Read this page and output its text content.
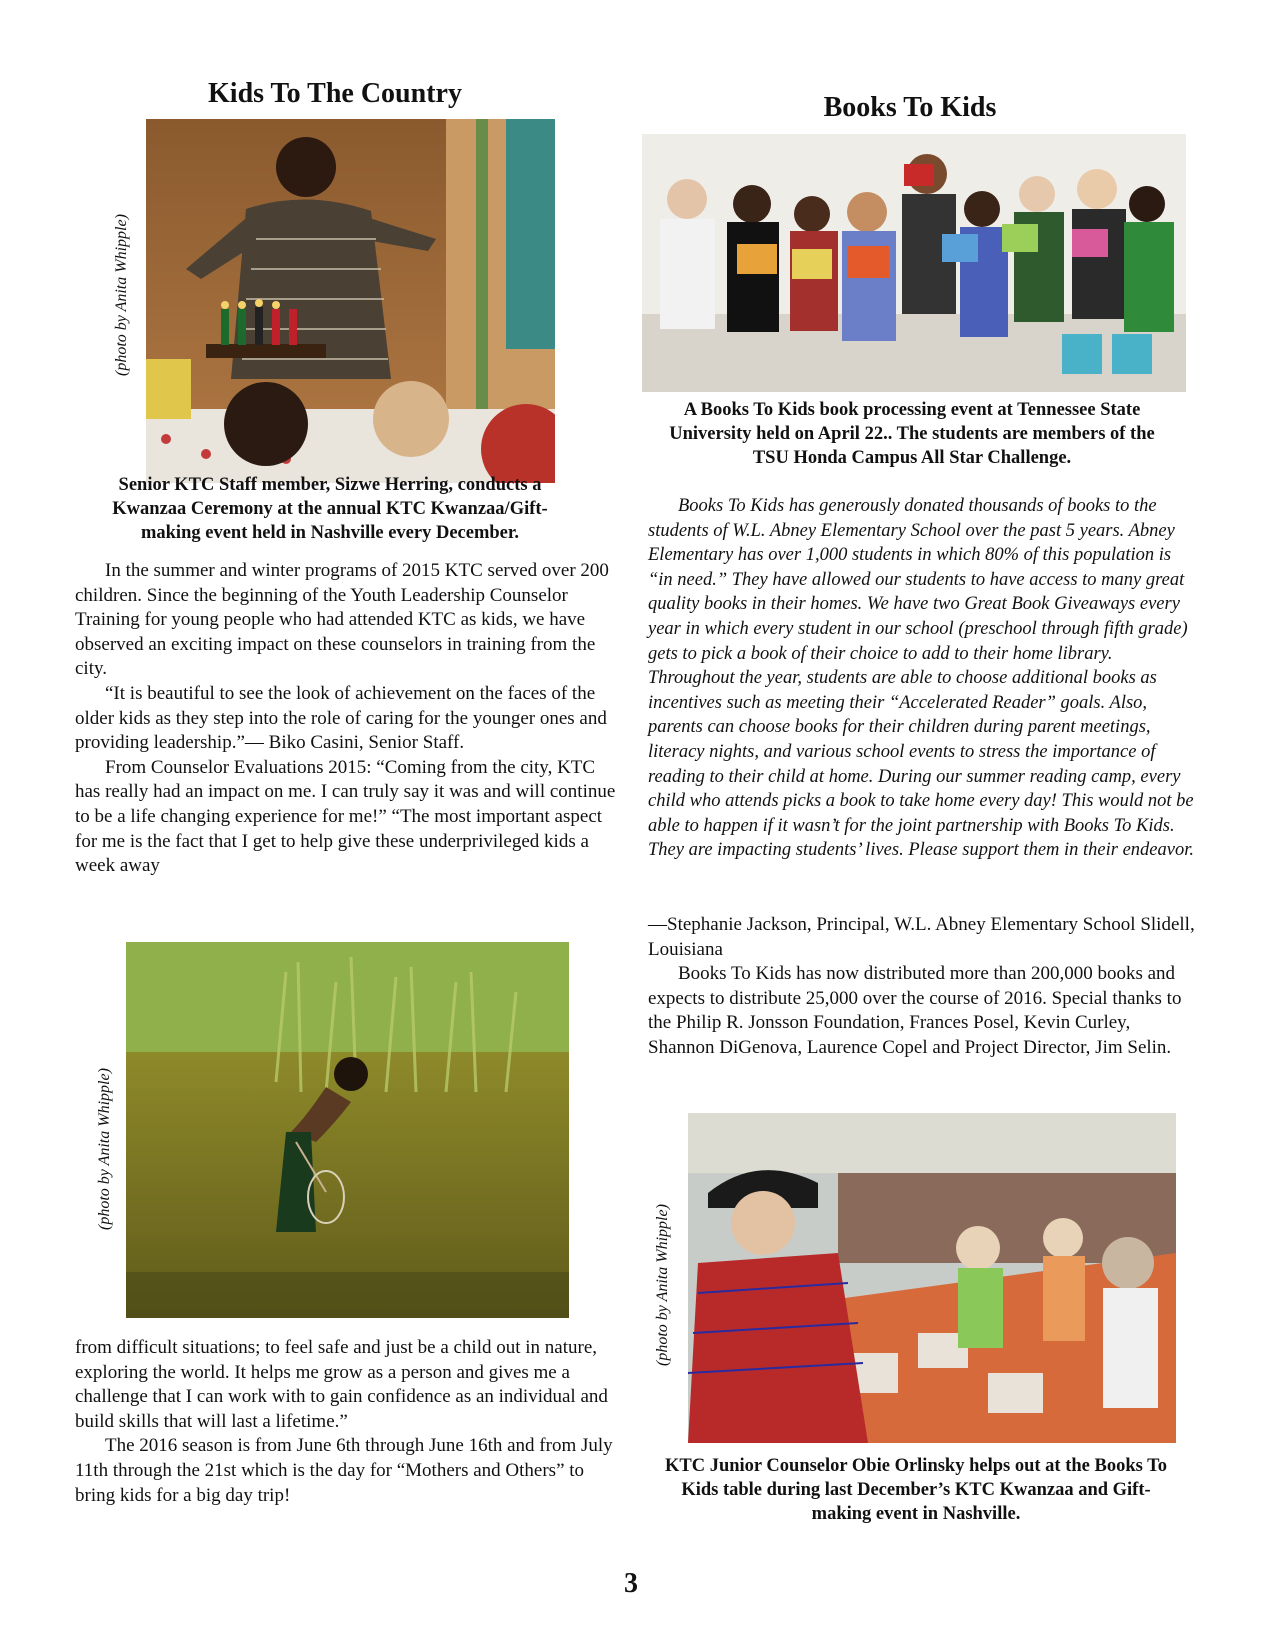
Kids To The Country
(photo by Anita Whipple)

Senior KTC Staff member, Sizwe Herring, conducts a Kwanzaa Ceremony at the annual KTC Kwanzaa/Gift-making event held in Nashville every December.

In the summer and winter programs of 2015 KTC served over 200 children. Since the beginning of the Youth Leadership Counselor Training for young people who had attended KTC as kids, we have observed an exciting impact on these counselors in training from the city.

“It is beautiful to see the look of achievement on the faces of the older kids as they step into the role of caring for the younger ones and providing leadership.”— Biko Casini, Senior Staff.

From Counselor Evaluations 2015: “Coming from the city, KTC has really had an impact on me. I can truly say it was and will continue to be a life changing experience for me!” “The most important aspect for me is the fact that I get to help give these underprivileged kids a week away

(photo by Anita Whipple)

from difficult situations; to feel safe and just be a child out in nature, exploring the world. It helps me grow as a person and gives me a challenge that I can work with to gain confidence as an individual and build skills that will last a lifetime.”

The 2016 season is from June 6th through June 16th and from July 11th through the 21st which is the day for “Mothers and Others” to bring kids for a big day trip!

Books To Kids

A Books To Kids book processing event at Tennessee State University held on April 22.. The students are members of the TSU Honda Campus All Star Challenge.

Books To Kids has generously donated thousands of books to the students of W.L. Abney Elementary School over the past 5 years. Abney Elementary has over 1,000 students in which 80% of this population is “in need.” They have allowed our students to have access to many great quality books in their homes. We have two Great Book Giveaways every year in which every student in our school (preschool through fifth grade) gets to pick a book of their choice to add to their home library. Throughout the year, students are able to choose additional books as incentives such as meeting their “Accelerated Reader” goals. Also, parents can choose books for their children during parent meetings, literacy nights, and various school events to stress the importance of reading to their child at home. During our summer reading camp, every child who attends picks a book to take home every day! This would not be able to happen if it wasn’t for the joint partnership with Books To Kids. They are impacting students’ lives. Please support them in their endeavor.

—Stephanie Jackson, Principal, W.L. Abney Elementary School Slidell, Louisiana

Books To Kids has now distributed more than 200,000 books and expects to distribute 25,000 over the course of 2016. Special thanks to the Philip R. Jonsson Foundation, Frances Posel, Kevin Curley, Shannon DiGenova, Laurence Copel and Project Director, Jim Selin.

(photo by Anita Whipple)

KTC Junior Counselor Obie Orlinsky helps out at the Books To Kids table during last December’s KTC Kwanzaa and Gift-making event in Nashville.

3
